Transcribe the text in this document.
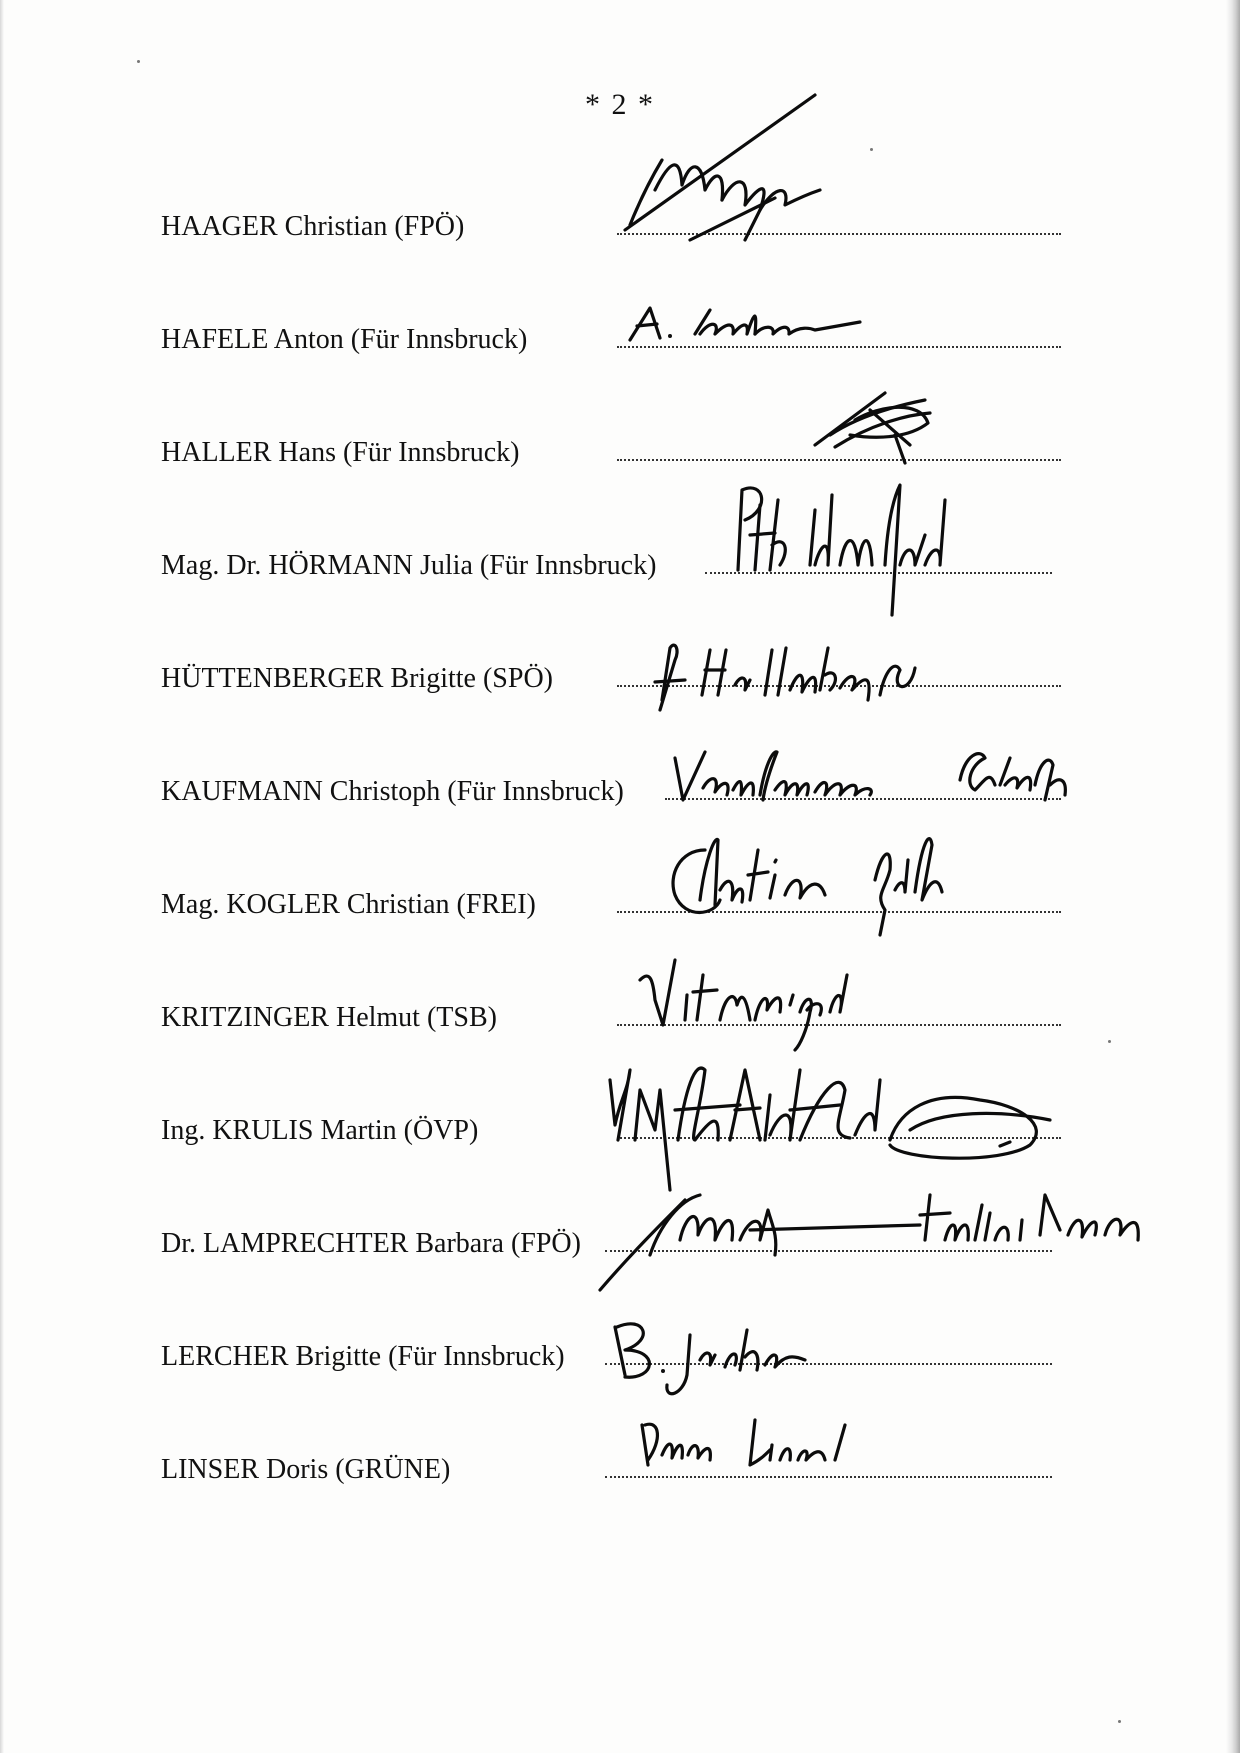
* 2 *
HAAGER Christian (FPÖ)
HAFELE Anton (Für Innsbruck)
HALLER Hans (Für Innsbruck)
Mag. Dr. HÖRMANN Julia (Für Innsbruck)
HÜTTENBERGER Brigitte (SPÖ)
KAUFMANN Christoph (Für Innsbruck)
Mag. KOGLER Christian (FREI)
KRITZINGER Helmut (TSB)
Ing. KRULIS Martin (ÖVP)
Dr. LAMPRECHTER Barbara (FPÖ)
LERCHER Brigitte (Für Innsbruck)
LINSER Doris (GRÜNE)
